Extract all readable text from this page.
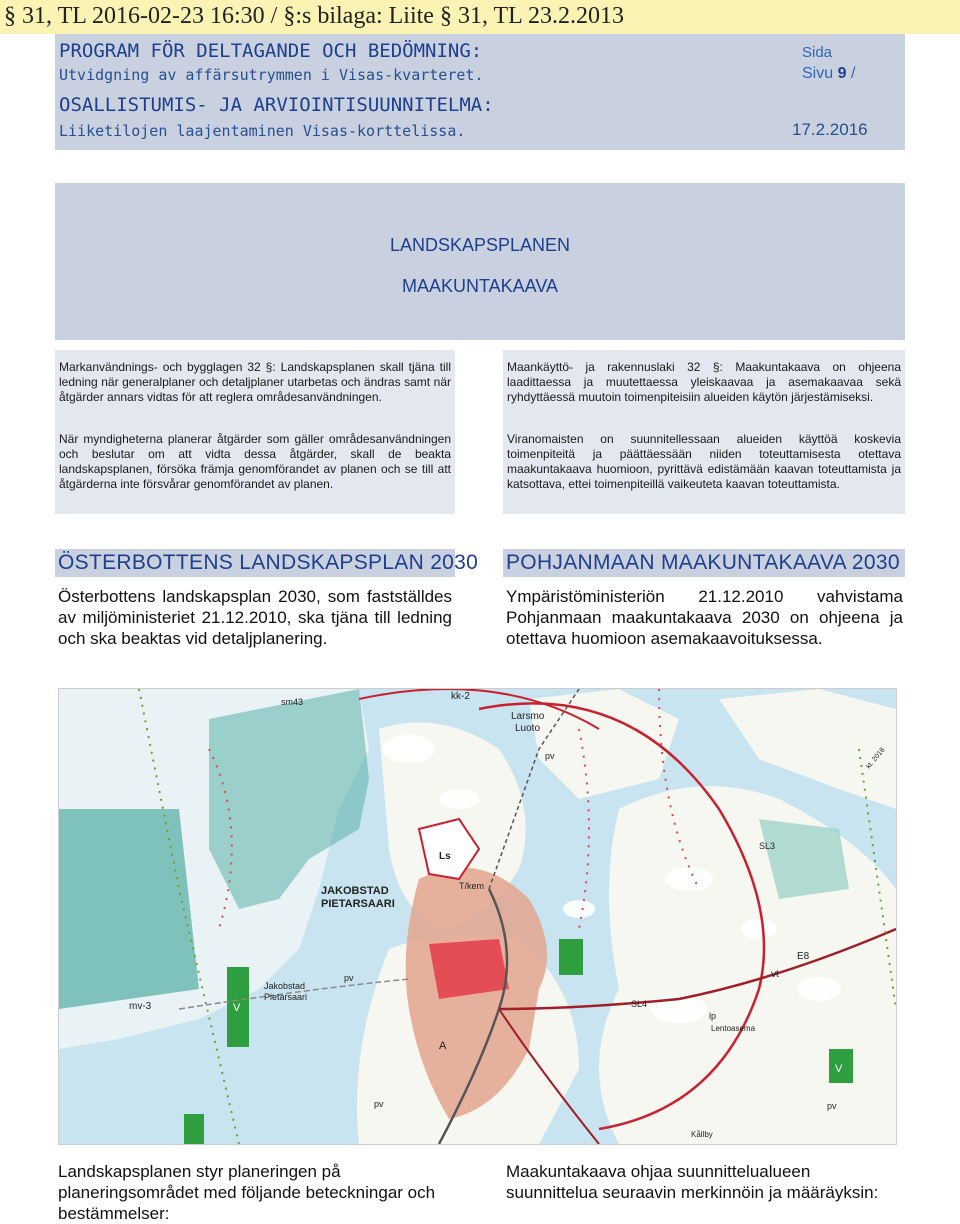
§ 31, TL 2016-02-23 16:30 / §:s bilaga: Liite § 31, TL 23.2.2013
PROGRAM FÖR DELTAGANDE OCH BEDÖMNING:
Utvidgning av affärsutrymmen i Visas-kvarteret.
OSALLISTUMIS- JA ARVIOINTISUUNNITELMA:
Liiketilojen laajentaminen Visas-korttelissa.
Sida
Sivu 9 /
17.2.2016
LANDSKAPSPLANEN
MAAKUNTAKAAVA

Markanvändnings- och bygglagen 32 §: Landskapsplanen skall tjäna till ledning när generalplaner och detaljplaner utarbetas och ändras samt när åtgärder annars vidtas för att reglera områdesanvändningen.

När myndigheterna planerar åtgärder som gäller områdesanvändningen och beslutar om att vidta dessa åtgärder, skall de beakta landskapsplanen, försöka främja genomförandet av planen och se till att åtgärderna inte försvårar genomförandet av planen.

Maankäyttö- ja rakennuslaki 32 §: Maakuntakaava on ohjeena laadittaessa ja muutettaessa yleiskaavaa ja asemakaavaa sekä ryhdyttäessä muutoin toimenpiteisiin alueiden käytön järjestämiseksi.

Viranomaisten on suunnitellessaan alueiden käyttöä koskevia toimenpiteitä ja päättäessään niiden toteuttamisesta otettava maakuntakaava huomioon, pyrittävä edistämään kaavan toteuttamista ja katsottava, ettei toimenpiteillä vaikeuteta kaavan toteuttamista.

ÖSTERBOTTENS LANDSKAPSPLAN 2030 POHJANMAAN MAAKUNTAKAAVA 2030
Österbottens landskapsplan 2030, som fastställdes av miljöministeriet 21.12.2010, ska tjäna till ledning och ska beaktas vid detaljplanering.
Ympäristöministeriön 21.12.2010 vahvistama Pohjanmaan maakuntakaava 2030 on ohjeena ja otettava huomioon asemakaavoituksessa.
kk-2
sm43
Larsmo
Luoto
pv
Ls
T/kem
JAKOBSTAD
PIETARSAARI
SL3
Jakobstad
Pietarsaari
pv
mv-3	V
A
pv
vt
E8
SL4
lp
Lentoasema
V
Kållby
pv
kt. 2018
Landskapsplanen styr planeringen på planeringsområdet med följande beteckningar och bestämmelser:
Maakuntakaava ohjaa suunnittelualueen suunnittelua seuraavin merkinnöin ja määräyksin:
